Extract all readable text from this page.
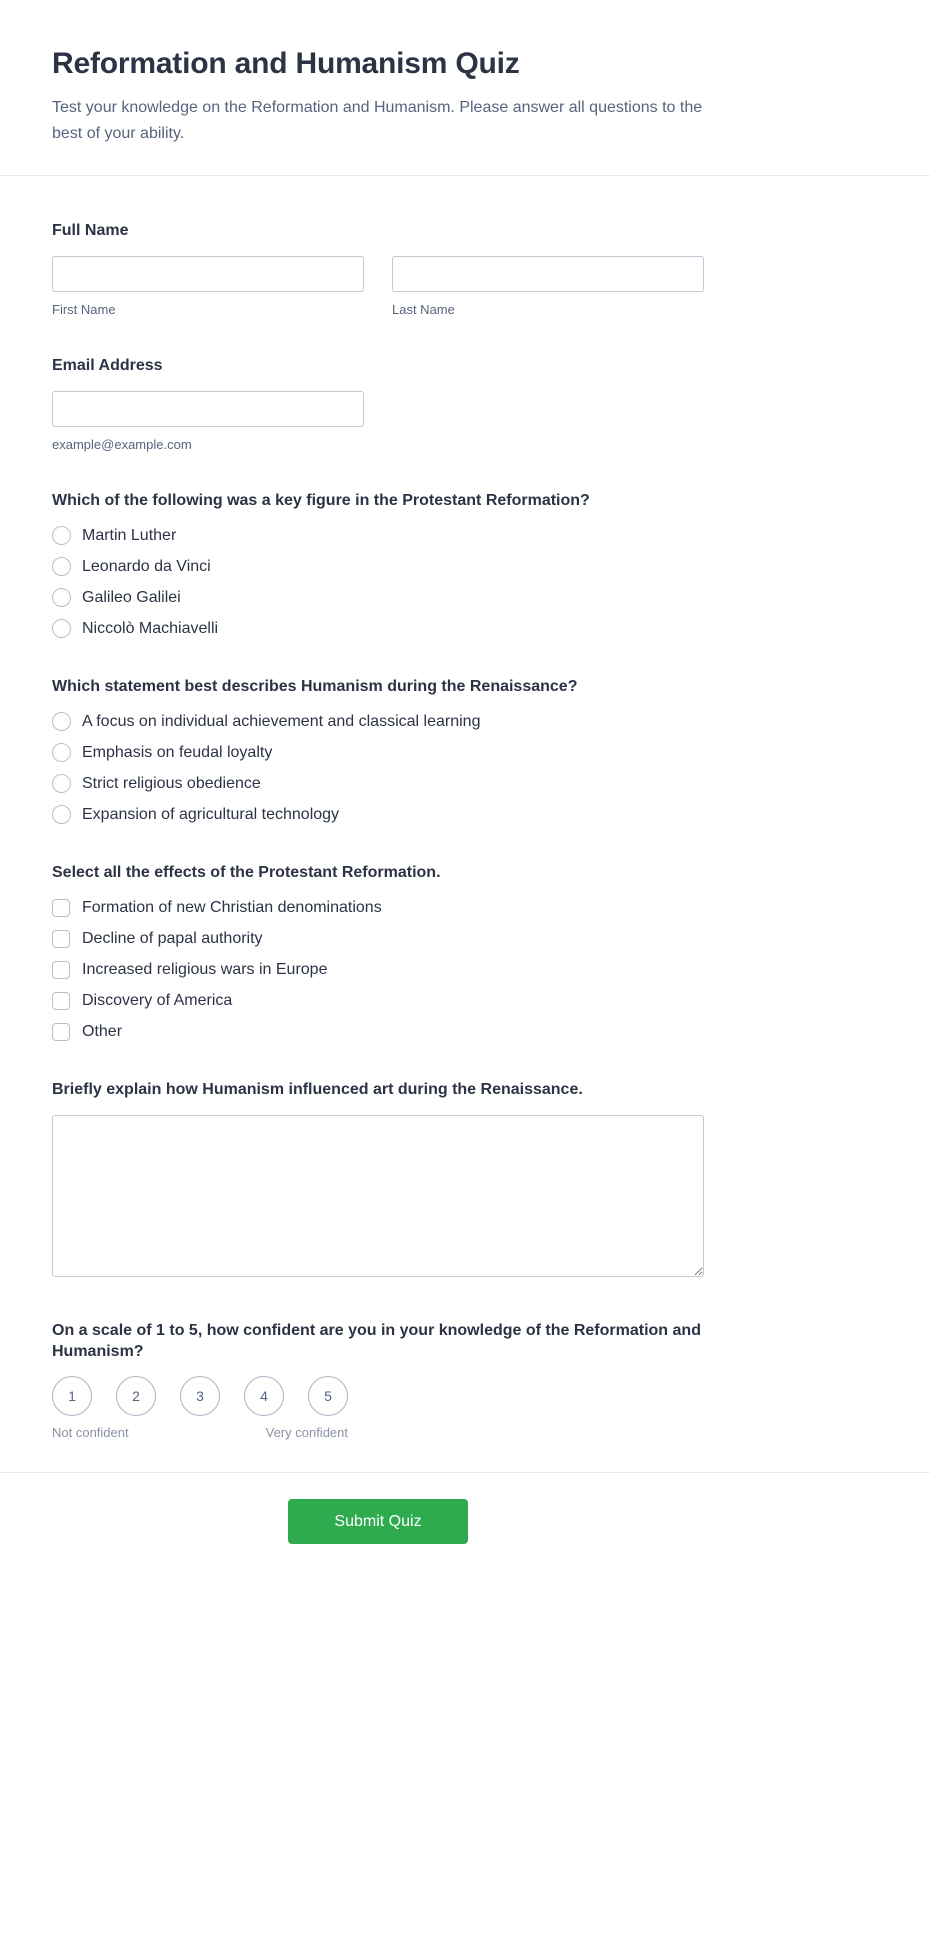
Reformation and Humanism Quiz

Test your knowledge on the Reformation and Humanism. Please answer all questions to the best of your ability.

Full Name
First Name	Last Name
Email Address
example@example.com
Which of the following was a key figure in the Protestant Reformation?
Martin Luther
Leonardo da Vinci
Galileo Galilei
Niccolò Machiavelli
Which statement best describes Humanism during the Renaissance?
A focus on individual achievement and classical learning
Emphasis on feudal loyalty
Strict religious obedience
Expansion of agricultural technology
Select all the effects of the Protestant Reformation.
Formation of new Christian denominations
Decline of papal authority
Increased religious wars in Europe
Discovery of America
Other
Briefly explain how Humanism influenced art during the Renaissance.
On a scale of 1 to 5, how confident are you in your knowledge of the Reformation and Humanism?
1	2	3	4	5
Not confident	Very confident
Submit Quiz
